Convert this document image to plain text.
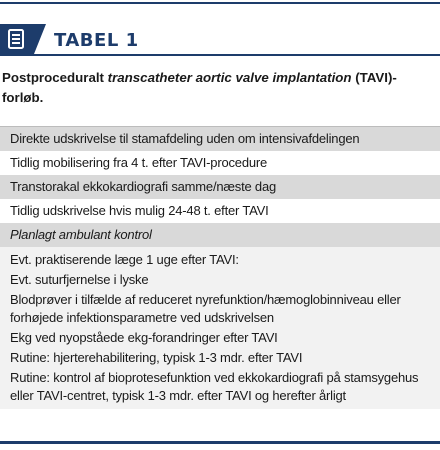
TABEL 1
Postproceduralt transcatheter aortic valve implantation (TAVI)-forløb.
Direkte udskrivelse til stamafdeling uden om intensivafdelingen
Tidlig mobilisering fra 4 t. efter TAVI-procedure
Transtorakal ekkokardiografi samme/næste dag
Tidlig udskrivelse hvis mulig 24-48 t. efter TAVI
Planlagt ambulant kontrol
Evt. praktiserende læge 1 uge efter TAVI:
Evt. suturfjernelse i lyske
Blodprøver i tilfælde af reduceret nyrefunktion/hæmoglobinniveau eller forhøjede infektionsparametre ved udskrivelsen
Ekg ved nyopståede ekg-forandringer efter TAVI
Rutine: hjerterehabilitering, typisk 1-3 mdr. efter TAVI
Rutine: kontrol af bioprotesefunktion ved ekkokardiografi på stamsygehus eller TAVI-centret, typisk 1-3 mdr. efter TAVI og herefter årligt
